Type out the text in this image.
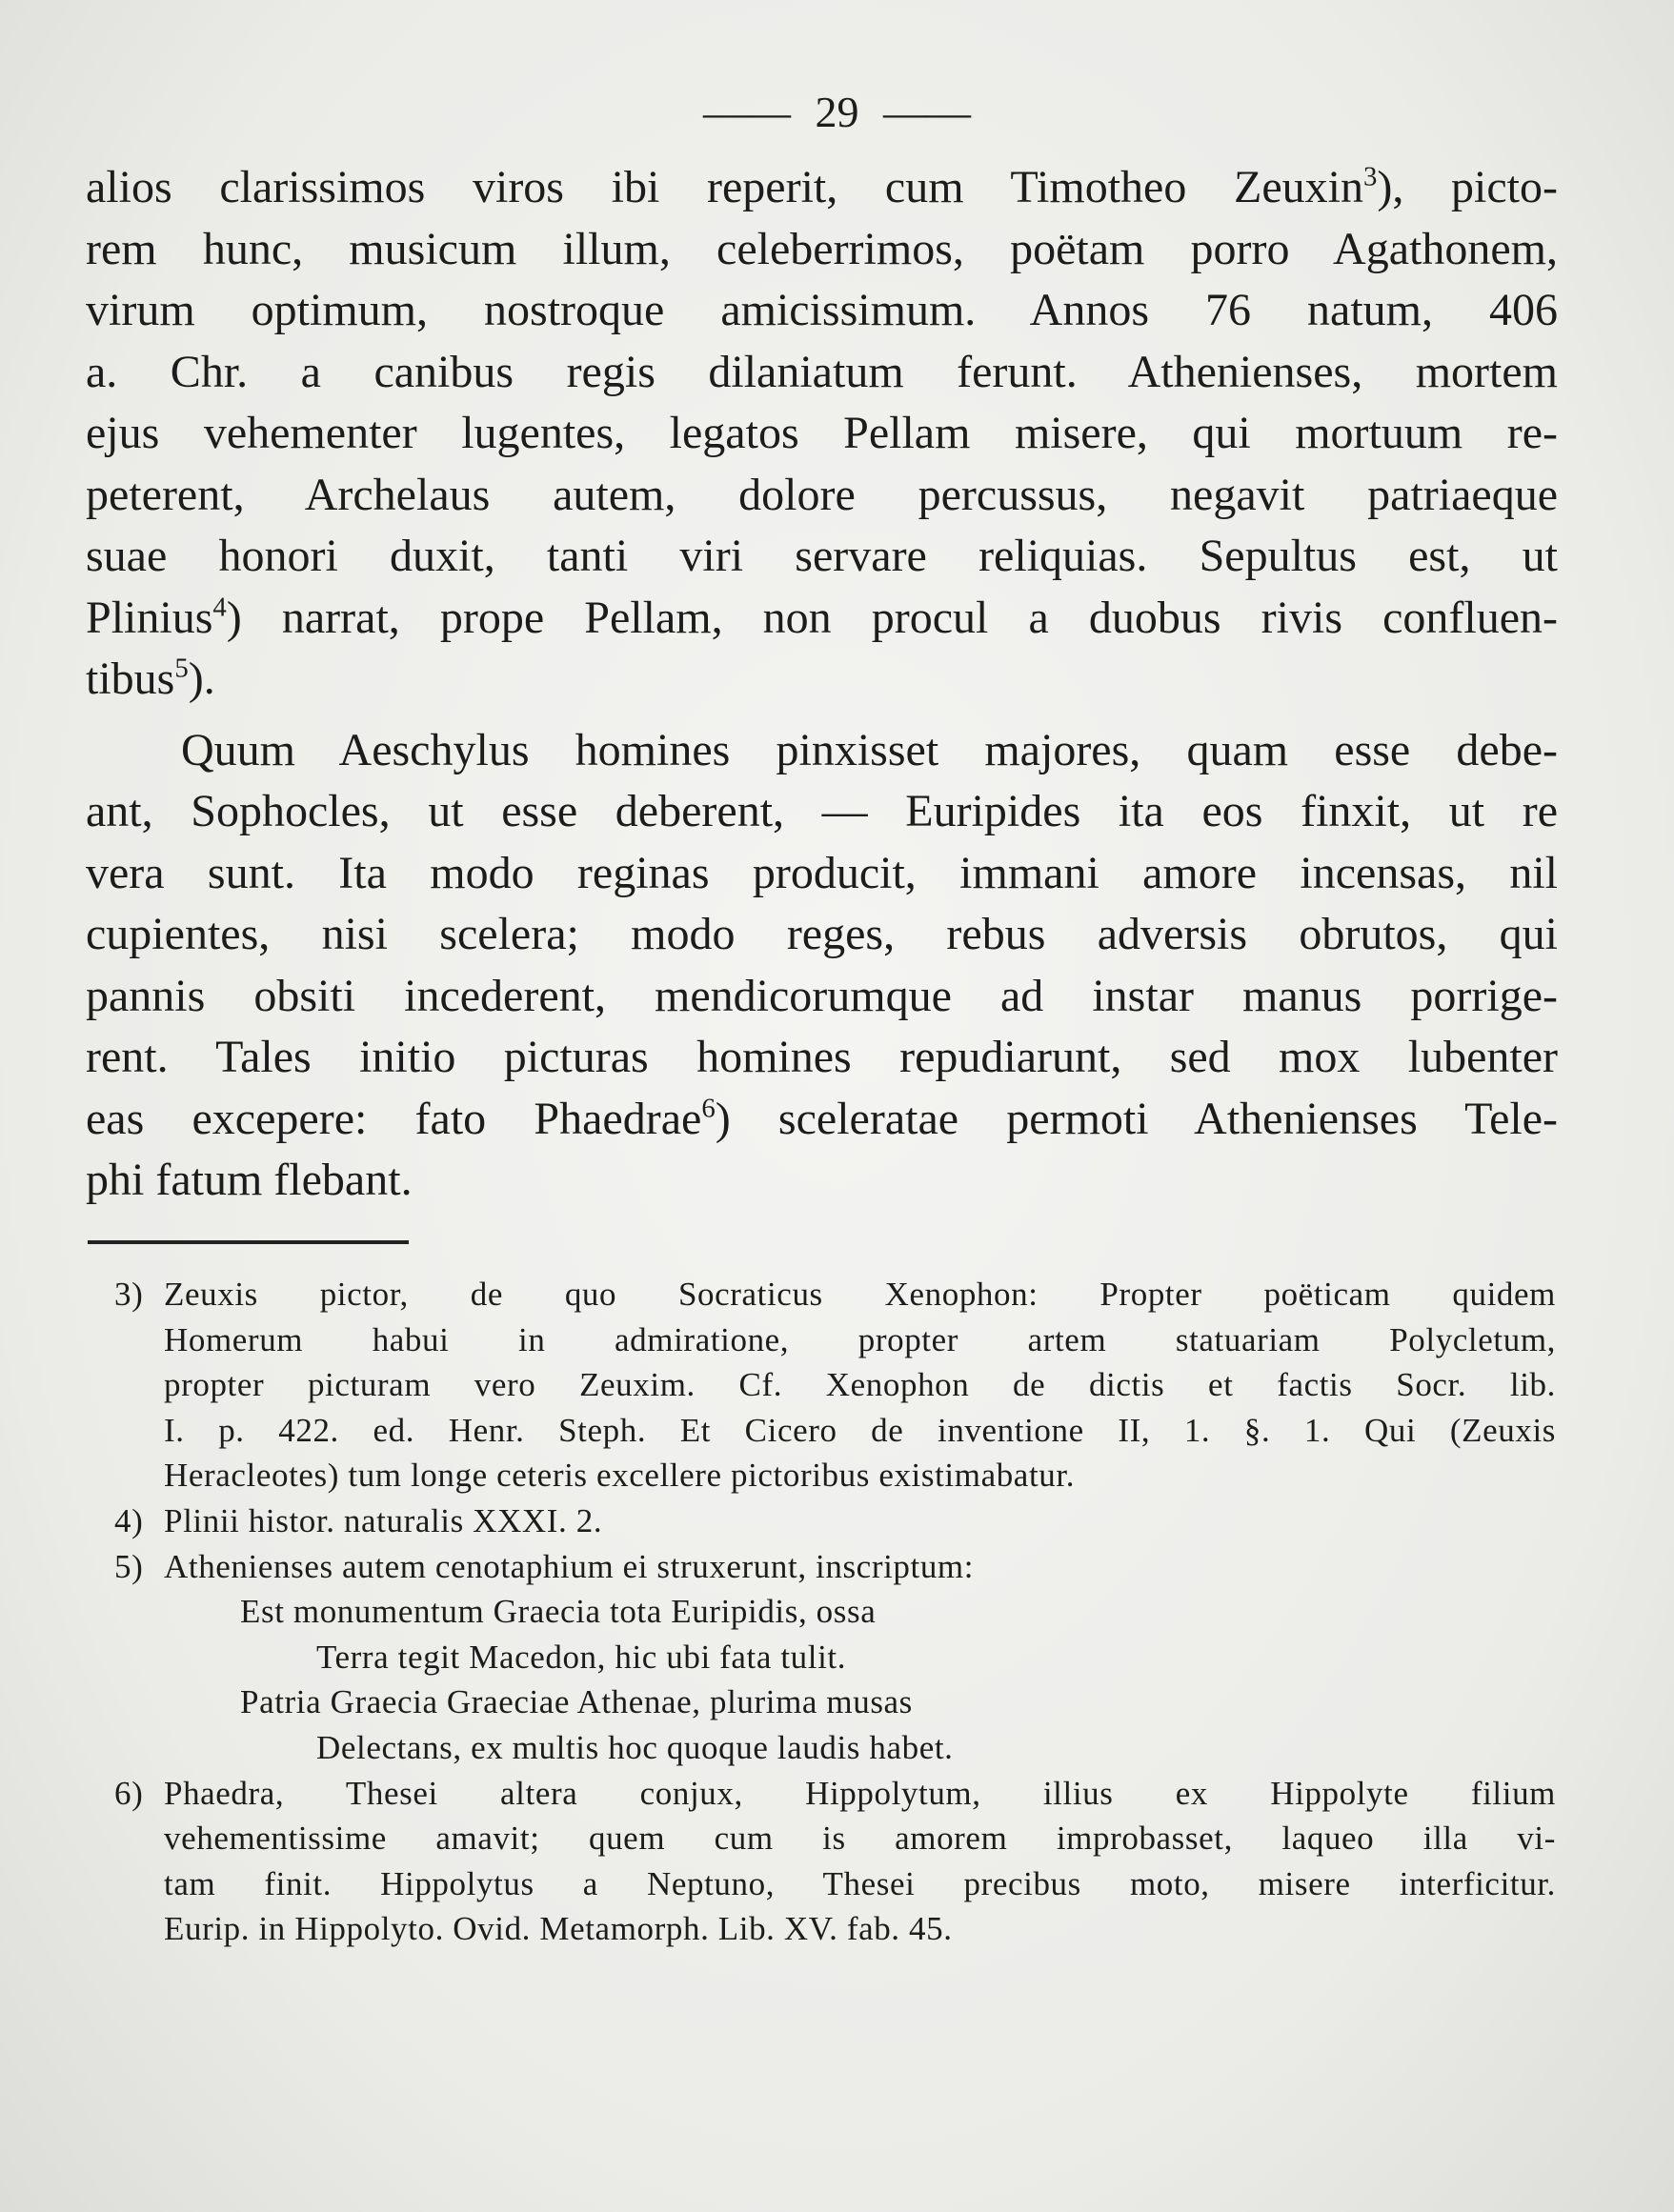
—— 29 ——
alios clarissimos viros ibi reperit, cum Timotheo Zeuxin$^3$), picto-
rem hunc, musicum illum, celeberrimos, poëtam porro Agathonem,
virum optimum, nostroque amicissimum. Annos 76 natum, 406
a. Chr. a canibus regis dilaniatum ferunt. Athenienses, mortem
ejus vehementer lugentes, legatos Pellam misere, qui mortuum re-
peterent, Archelaus autem, dolore percussus, negavit patriaeque
suae honori duxit, tanti viri servare reliquias. Sepultus est, ut
Plinius$^4$) narrat, prope Pellam, non procul a duobus rivis confluen-
tibus$^5$).
Quum Aeschylus homines pinxisset majores, quam esse debe-
ant, Sophocles, ut esse deberent, — Euripides ita eos finxit, ut re
vera sunt. Ita modo reginas producit, immani amore incensas, nil
cupientes, nisi scelera; modo reges, rebus adversis obrutos, qui
pannis obsiti incederent, mendicorumque ad instar manus porrige-
rent. Tales initio picturas homines repudiarunt, sed mox lubenter
eas excepere: fato Phaedrae$^6$) sceleratae permoti Athenienses Tele-
phi fatum flebant.
3) Zeuxis pictor, de quo Socraticus Xenophon: Propter poëticam quidem
Homerum habui in admiratione, propter artem statuariam Polycletum,
propter picturam vero Zeuxim. Cf. Xenophon de dictis et factis Socr. lib.
I. p. 422. ed. Henr. Steph. Et Cicero de inventione II, 1. §. 1. Qui (Zeuxis
Heracleotes) tum longe ceteris excellere pictoribus existimabatur.
4) Plinii histor. naturalis XXXI. 2.
5) Athenienses autem cenotaphium ei struxerunt, inscriptum:
Est monumentum Graecia tota Euripidis, ossa
Terra tegit Macedon, hic ubi fata tulit.
Patria Graecia Graeciae Athenae, plurima musas
Delectans, ex multis hoc quoque laudis habet.
6) Phaedra, Thesei altera conjux, Hippolytum, illius ex Hippolyte filium
vehementissime amavit; quem cum is amorem improbasset, laqueo illa vi-
tam finit. Hippolytus a Neptuno, Thesei precibus moto, misere interficitur.
Eurip. in Hippolyto. Ovid. Metamorph. Lib. XV. fab. 45.
